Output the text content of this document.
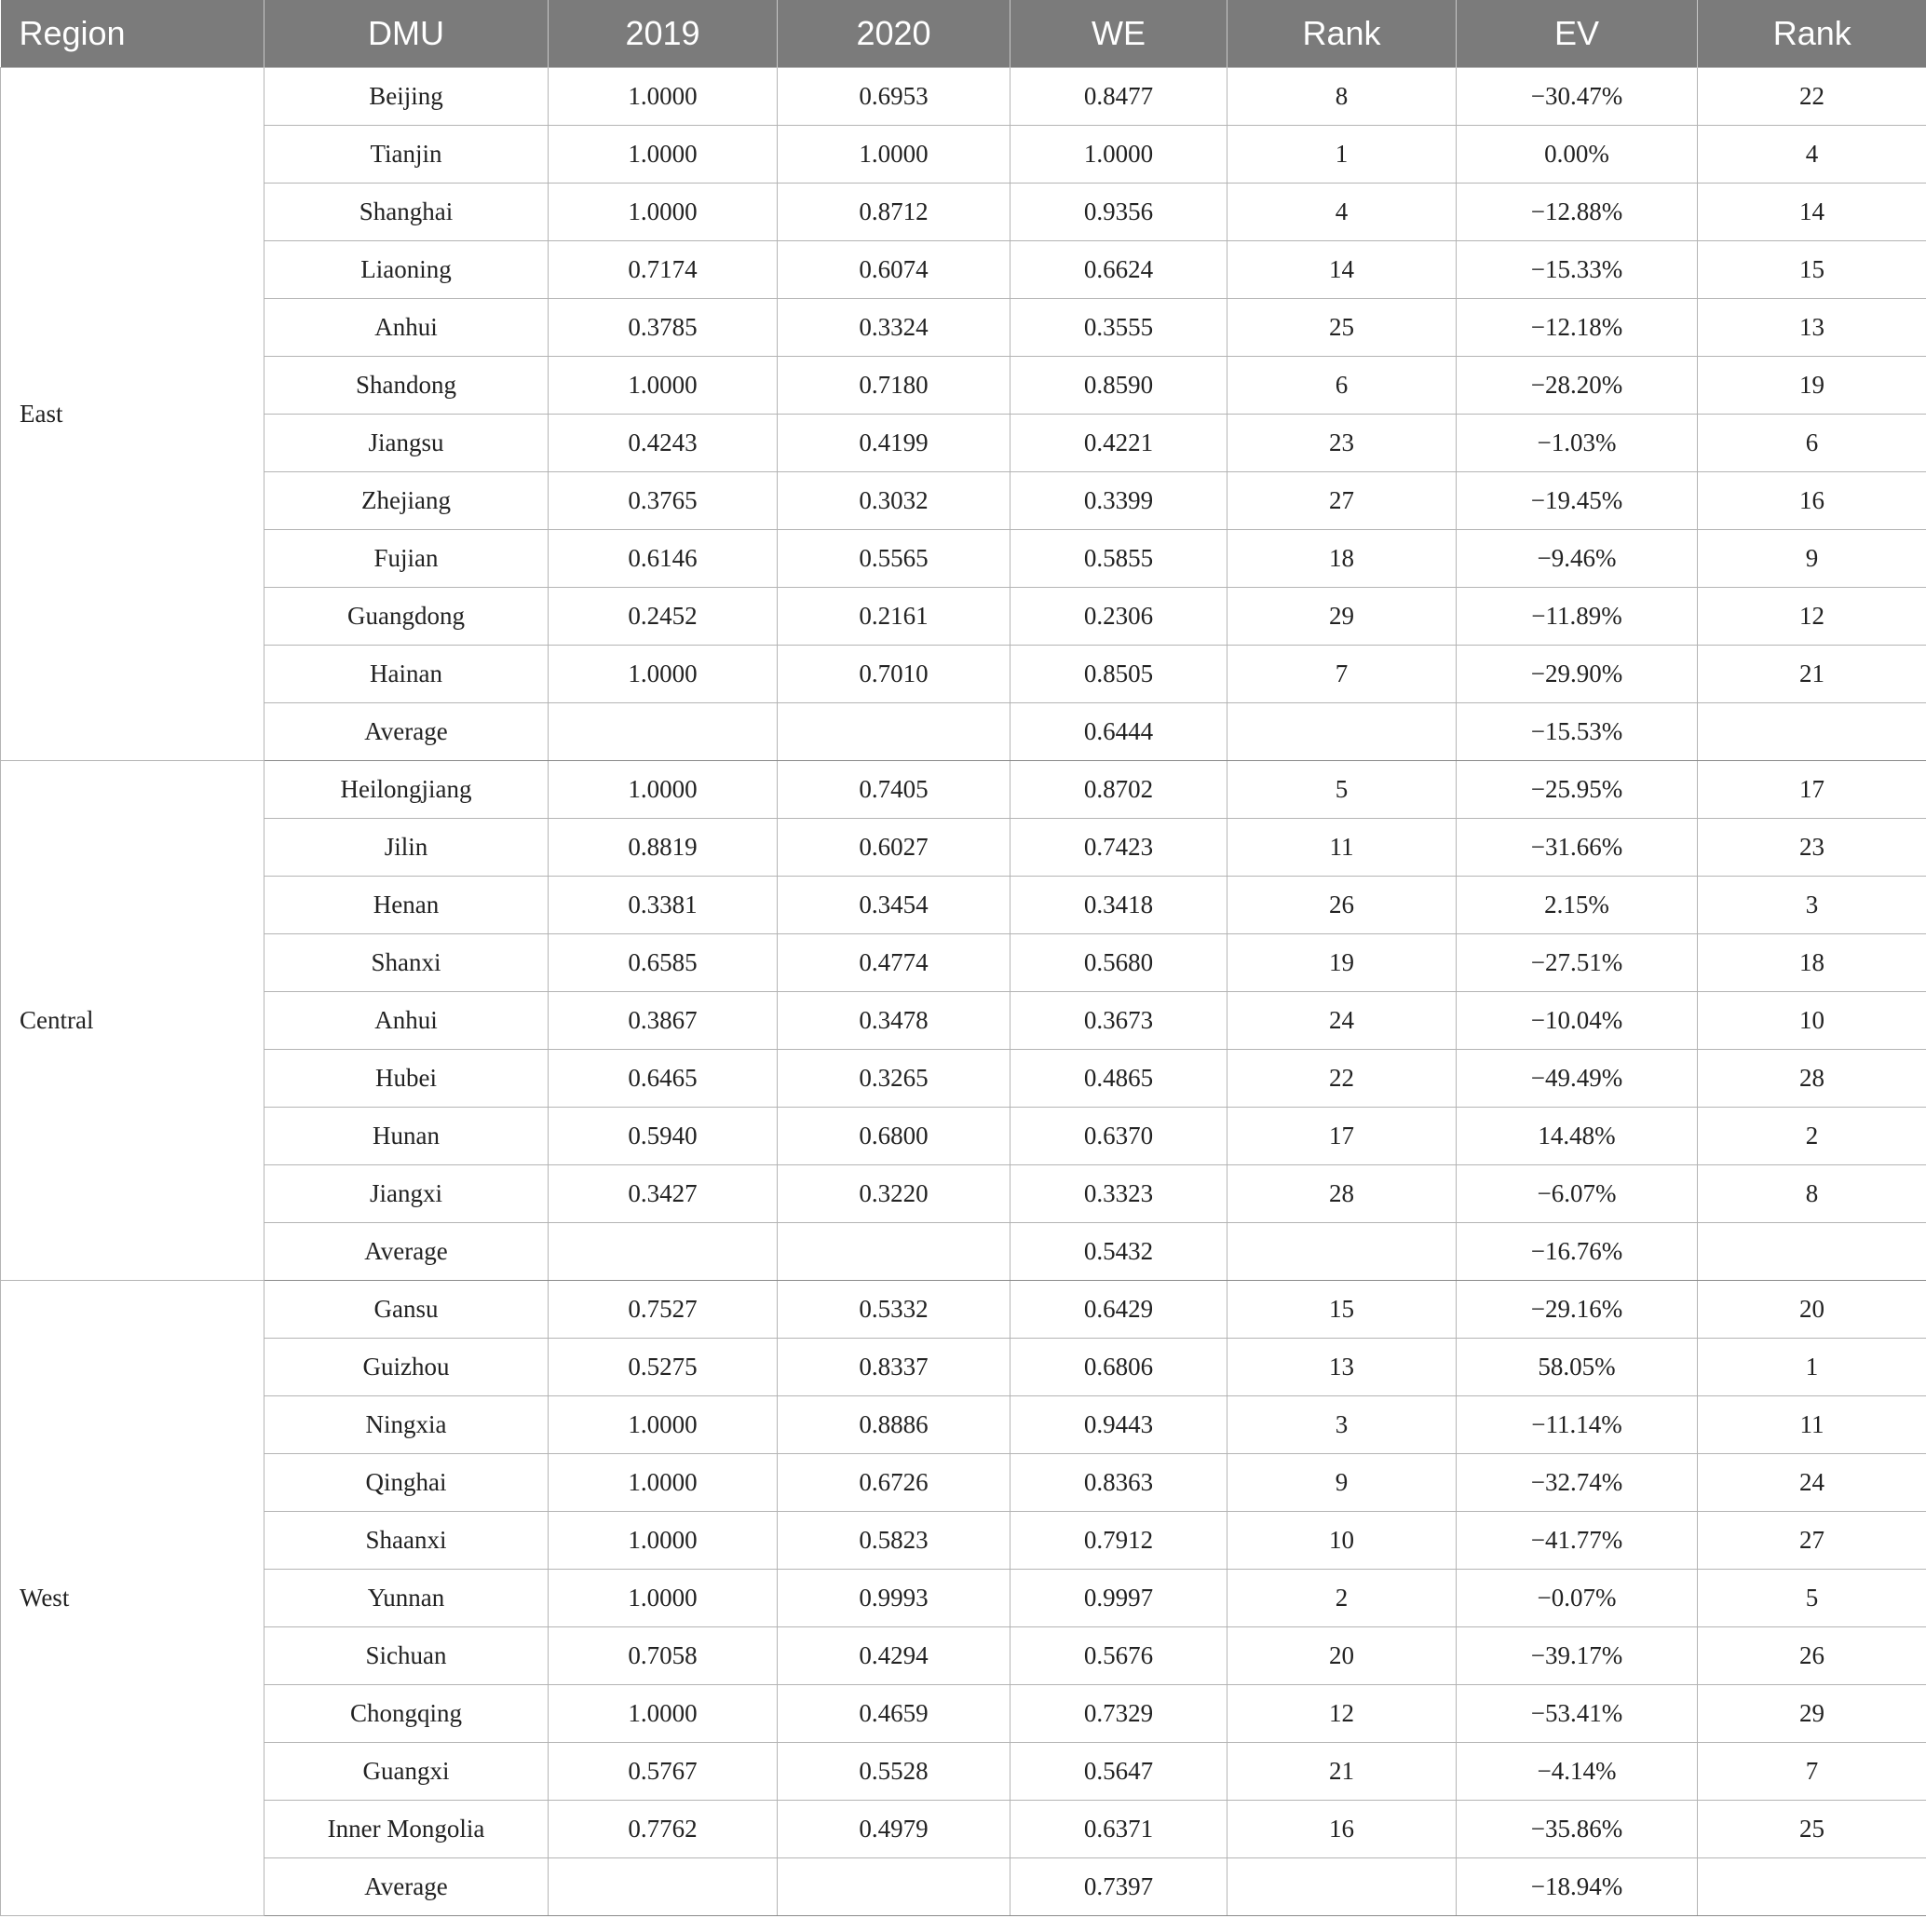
Region	DMU	2019	2020	WE	Rank	EV	Rank
East	Beijing	1.0000	0.6953	0.8477	8	−30.47%	22
	Tianjin	1.0000	1.0000	1.0000	1	0.00%	4
	Shanghai	1.0000	0.8712	0.9356	4	−12.88%	14
	Liaoning	0.7174	0.6074	0.6624	14	−15.33%	15
	Anhui	0.3785	0.3324	0.3555	25	−12.18%	13
	Shandong	1.0000	0.7180	0.8590	6	−28.20%	19
	Jiangsu	0.4243	0.4199	0.4221	23	−1.03%	6
	Zhejiang	0.3765	0.3032	0.3399	27	−19.45%	16
	Fujian	0.6146	0.5565	0.5855	18	−9.46%	9
	Guangdong	0.2452	0.2161	0.2306	29	−11.89%	12
	Hainan	1.0000	0.7010	0.8505	7	−29.90%	21
	Average			0.6444		−15.53%	
Central	Heilongjiang	1.0000	0.7405	0.8702	5	−25.95%	17
	Jilin	0.8819	0.6027	0.7423	11	−31.66%	23
	Henan	0.3381	0.3454	0.3418	26	2.15%	3
	Shanxi	0.6585	0.4774	0.5680	19	−27.51%	18
	Anhui	0.3867	0.3478	0.3673	24	−10.04%	10
	Hubei	0.6465	0.3265	0.4865	22	−49.49%	28
	Hunan	0.5940	0.6800	0.6370	17	14.48%	2
	Jiangxi	0.3427	0.3220	0.3323	28	−6.07%	8
	Average			0.5432		−16.76%	
West	Gansu	0.7527	0.5332	0.6429	15	−29.16%	20
	Guizhou	0.5275	0.8337	0.6806	13	58.05%	1
	Ningxia	1.0000	0.8886	0.9443	3	−11.14%	11
	Qinghai	1.0000	0.6726	0.8363	9	−32.74%	24
	Shaanxi	1.0000	0.5823	0.7912	10	−41.77%	27
	Yunnan	1.0000	0.9993	0.9997	2	−0.07%	5
	Sichuan	0.7058	0.4294	0.5676	20	−39.17%	26
	Chongqing	1.0000	0.4659	0.7329	12	−53.41%	29
	Guangxi	0.5767	0.5528	0.5647	21	−4.14%	7
	Inner Mongolia	0.7762	0.4979	0.6371	16	−35.86%	25
	Average			0.7397		−18.94%	
